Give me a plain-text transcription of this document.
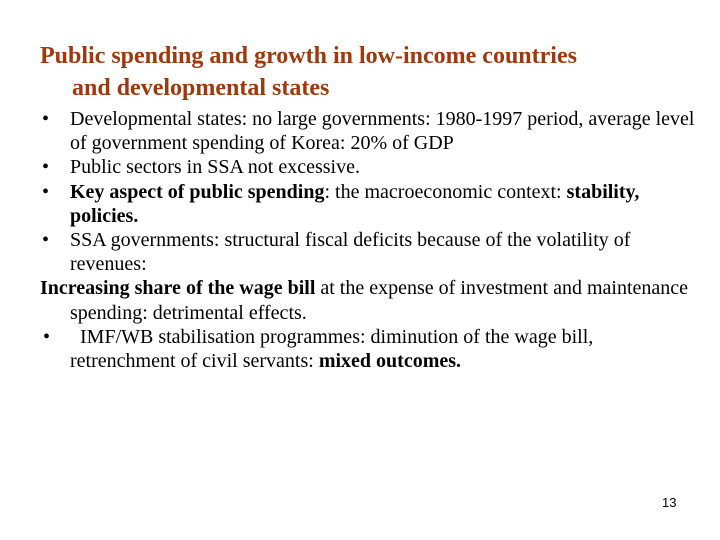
Public spending and growth in low-income countries
and developmental states
•	Developmental states: no large governments: 1980-1997 period, average level of government spending of Korea: 20% of GDP
•	Public sectors in SSA not excessive.
•	Key aspect of public spending: the macroeconomic context: stability, policies.
•	SSA governments: structural fiscal deficits because of the volatility of revenues:
Increasing share of the wage bill at the expense of investment and maintenance spending: detrimental effects.
•	IMF/WB stabilisation programmes: diminution of the wage bill, retrenchment of civil servants: mixed outcomes.
13
